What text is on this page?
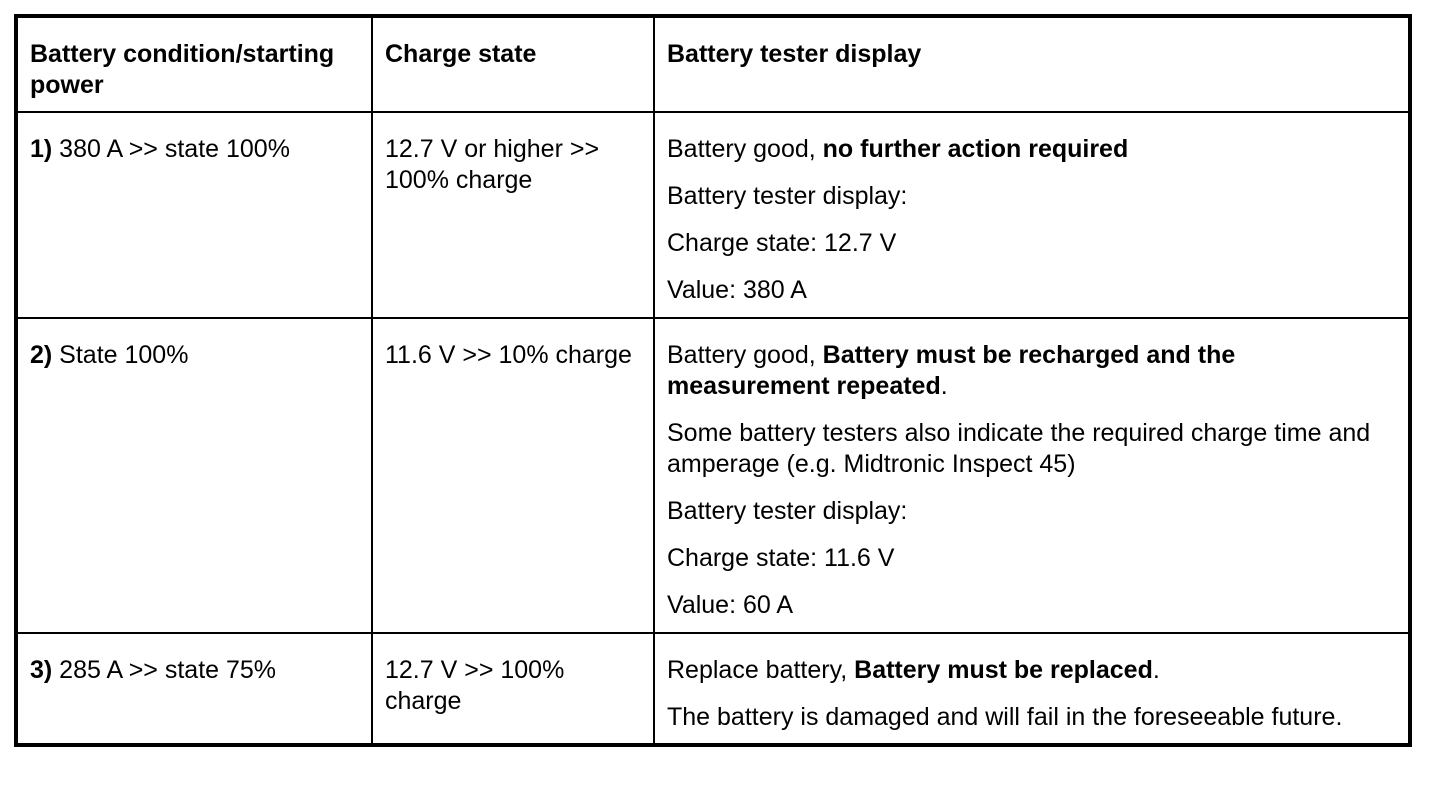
Battery condition/starting power	Charge state	Battery tester display
1) 380 A >> state 100%	12.7 V or higher >> 100% charge	Battery good, no further action required
Battery tester display:
Charge state: 12.7 V
Value: 380 A

2) State 100%	11.6 V >> 10% charge	Battery good, Battery must be recharged and the measurement repeated.
Some battery testers also indicate the required charge time and amperage (e.g. Midtronic Inspect 45)
Battery tester display:
Charge state: 11.6 V
Value: 60 A

3) 285 A >> state 75%	12.7 V >> 100% charge	Replace battery, Battery must be replaced.
The battery is damaged and will fail in the foreseeable future.
